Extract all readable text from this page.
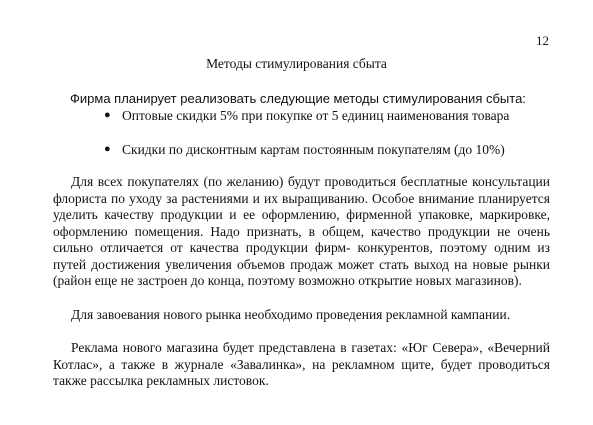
12
Методы стимулирования сбыта
Фирма планирует реализовать следующие методы стимулирования сбыта:
● Оптовые скидки 5% при покупке от 5 единиц наименования товара
● Скидки по дисконтным картам постоянным покупателям (до 10%)

Для всех покупателях (по желанию) будут проводиться бесплатные консультации флориста по уходу за растениями и их выращиванию. Особое внимание планируется уделить качеству продукции и ее оформлению, фирменной упаковке, маркировке, оформлению помещения. Надо признать, в общем, качество продукции не очень сильно отличается от качества продукции фирм- конкурентов, поэтому одним из путей достижения увеличения объемов продаж может стать выход на новые рынки (район еще не застроен до конца, поэтому возможно открытие новых магазинов).

Для завоевания нового рынка необходимо проведения рекламной кампании.

Реклама нового магазина будет представлена в газетах: «Юг Севера», «Вечерний Котлас», а также в журнале «Завалинка», на рекламном щите, будет проводиться также рассылка рекламных листовок.
